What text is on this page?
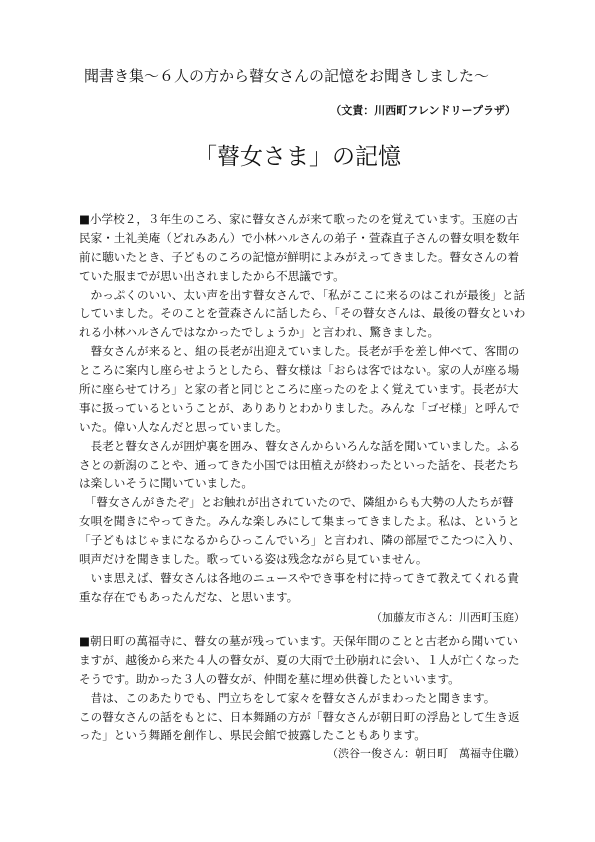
聞書き集～６人の方から瞽女さんの記憶をお聞きしました～
（文責：川西町フレンドリープラザ）
「瞽女さま」の記憶
■小学校２，３年生のころ、家に瞽女さんが来て歌ったのを覚えています。玉庭の古
民家・土礼美庵（どれみあん）で小林ハルさんの弟子・萱森直子さんの瞽女唄を数年
前に聴いたとき、子どものころの記憶が鮮明によみがえってきました。瞽女さんの着
ていた服までが思い出されましたから不思議です。
　かっぷくのいい、太い声を出す瞽女さんで、「私がここに来るのはこれが最後」と話
していました。そのことを萱森さんに話したら、「その瞽女さんは、最後の瞽女といわ
れる小林ハルさんではなかったでしょうか」と言われ、驚きました。
　瞽女さんが来ると、組の長老が出迎えていました。長老が手を差し伸べて、客間の
ところに案内し座らせようとしたら、瞽女様は「おらは客ではない。家の人が座る場
所に座らせてけろ」と家の者と同じところに座ったのをよく覚えています。長老が大
事に扱っているということが、ありありとわかりました。みんな「ゴゼ様」と呼んで
いた。偉い人なんだと思っていました。
　長老と瞽女さんが囲炉裏を囲み、瞽女さんからいろんな話を聞いていました。ふる
さとの新潟のことや、通ってきた小国では田植えが終わったといった話を、長老たち
は楽しいそうに聞いていました。
　「瞽女さんがきたぞ」とお触れが出されていたので、隣組からも大勢の人たちが瞽
女唄を聞きにやってきた。みんな楽しみにして集まってきましたよ。私は、というと
「子どもはじゃまになるからひっこんでいろ」と言われ、隣の部屋でこたつに入り、
唄声だけを聞きました。歌っている姿は残念ながら見ていません。
　いま思えば、瞽女さんは各地のニュースやでき事を村に持ってきて教えてくれる貴
重な存在でもあったんだな、と思います。
（加藤友市さん：川西町玉庭）
■朝日町の萬福寺に、瞽女の墓が残っています。天保年間のことと古老から聞いてい
ますが、越後から来た４人の瞽女が、夏の大雨で土砂崩れに会い、１人が亡くなった
そうです。助かった３人の瞽女が、仲間を墓に埋め供養したといいます。
　昔は、このあたりでも、門立ちをして家々を瞽女さんがまわったと聞きます。
この瞽女さんの話をもとに、日本舞踊の方が「瞽女さんが朝日町の浮島として生き返
った」という舞踊を創作し、県民会館で披露したこともあります。
（渋谷一俊さん：朝日町　萬福寺住職）
